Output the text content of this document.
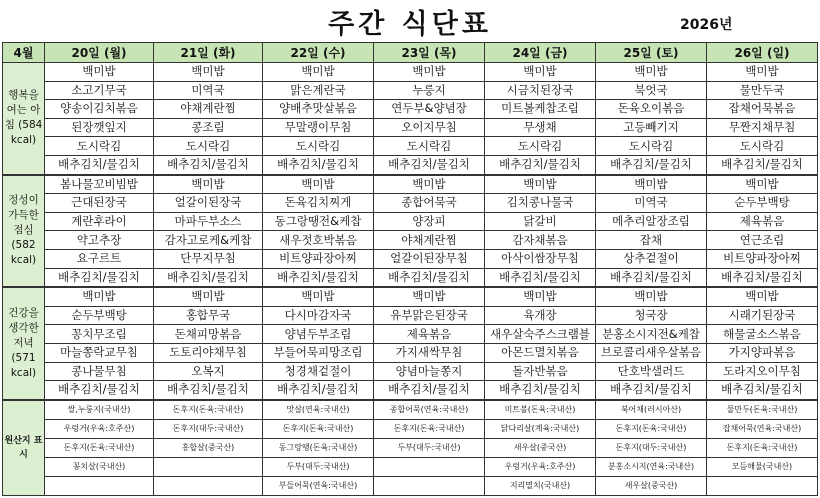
주간 식단표	2026년
4월	20일 (월)	21일 (화)	22일 (수)	23일 (목)	24일 (금)	25일 (토)	26일 (일)
행복을 여는 아침 (584 kcal)	백미밥	백미밥	백미밥	백미밥	백미밥	백미밥	백미밥
	소고기무국	미역국	맑은계란국	누룽지	시금치된장국	북엇국	물만두국
	양송이김치볶음	야채계란찜	양배추맛살볶음	연두부&양념장	미트볼케찹조림	돈육오이볶음	잡채어묵볶음
	된장깻잎지	콩조림	무말랭이무침	오이지무침	무생채	고등빼기지	무짠지채무침
	도시락김	도시락김	도시락김	도시락김	도시락김	도시락김	도시락김
	배추김치/물김치	배추김치/물김치	배추김치/물김치	배추김치/물김치	배추김치/물김치	배추김치/물김치	배추김치/물김치
정성이 가득한 점심 (582 kcal)	봄나물꼬비빔밥	백미밥	백미밥	백미밥	백미밥	백미밥	백미밥
	근대된장국	얼갈이된장국	돈육김치찌게	종합어묵국	김치콩나물국	미역국	순두부백탕
	계란후라이	마파두부소스	동그랑땡전&케찹	양장피	닭갈비	메추리알장조림	제육볶음
	약고추장	감자고로케&케찹	새우젓호박볶음	야채계란찜	감자채볶음	잡채	연근조림
	요구르트	단무지무침	비트양파장아찌	얼갈이된장무침	아삭이쌈장무침	상추겉절이	비트양파장아찌
	배추김치/물김치	배추김치/물김치	배추김치/물김치	배추김치/물김치	배추김치/물김치	배추김치/물김치	배추김치/물김치
건강을 생각한 저녁 (571 kcal)	백미밥	백미밥	백미밥	백미밥	백미밥	백미밥	백미밥
	순두부백탕	홍합무국	다시마감자국	유부맑은된장국	육개장	청국장	시래기된장국
	꽁치무조림	돈채피망볶음	양념두부조림	제육볶음	새우살숙주스크램블	분홍소시지전&케찹	해물굴소스볶음
	마늘쫑락교무침	도토리야채무침	부들어묵피망조림	가지새싹무침	아몬드멸치볶음	브로콜리새우살볶음	가지양파볶음
	콩나물무침	오복지	청경채겉절이	양념마늘쫑지	돌자반볶음	단호박샐러드	도라지오이무침
	배추김치/물김치	배추김치/물김치	배추김치/물김치	배추김치/물김치	배추김치/물김치	배추김치/물김치	배추김치/물김치
원산지 표시	쌀,누룽지(국내산)	돈후지(돈육:국내산)	맛살(연육:국내산)	종합어묵(연육:국내산)	미트볼(돈육:국내산)	북어채(러시아산)	물만두(돈육:국내산)
	우렁거(우육:호주산)	돈후지(대두:국내산)	돈후지(돈육:국내산)	돈후지(돈육:국내산)	닭다리살(계육:국내산)	돈후지(돈육:국내산)	잡채어묵(연육:국내산)
	돈후지(돈육:국내산)	홍합살(중국산)	동그랑땡(돈육:국내산)	두부(대두:국내산)	새우살(중국산)	돈후지(대두:국내산)	돈후지(돈육:국내산)
	꽁치살(국내산)		두부(대두:국내산)		우렁거(우육:호주산)	분홍소시지(연육:국내산)	모듬해물(국내산)
			부들어묵(연육:국내산)		지리멸치(국내산)	새우살(중국산)	
